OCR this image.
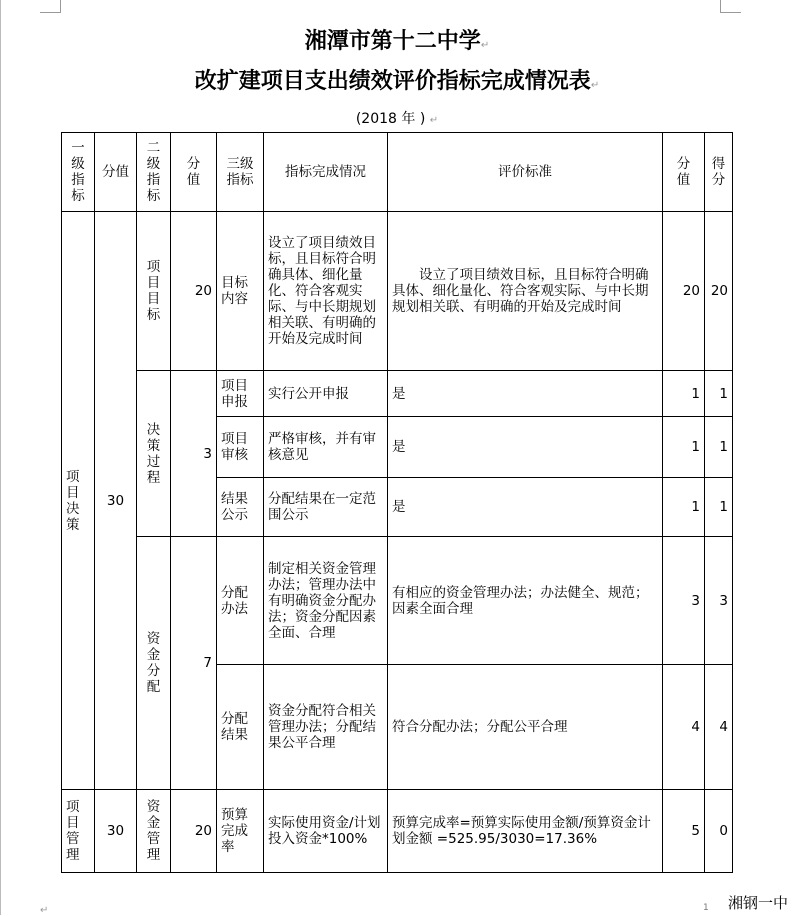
湘潭市第十二中学↵
改扩建项目支出绩效评价指标完成情况表↵
(2018 年 ) ↵
一级指标	分值	二级指标	分值	三级指标	指标完成情况	评价标准	分值	得分
项目决策	30	项目目标	20	目标内容	设立了项目绩效目标，且目标符合明确具体、细化量化、符合客观实际、与中长期规划相关联、有明确的开始及完成时间	设立了项目绩效目标，且目标符合明确具体、细化量化、符合客观实际、与中长期规划相关联、有明确的开始及完成时间	20	20
		决策过程	3	项目申报	实行公开申报	是	1	1
				项目审核	严格审核，并有审核意见	是	1	1
				结果公示	分配结果在一定范围公示	是	1	1
		资金分配	7	分配办法	制定相关资金管理办法；管理办法中有明确资金分配办法；资金分配因素全面、合理	有相应的资金管理办法；办法健全、规范；因素全面合理	3	3
				分配结果	资金分配符合相关管理办法；分配结果公平合理	符合分配办法；分配公平合理	4	4
项目管理	30	资金管理	20	预算完成率	实际使用资金/计划投入资金*100%	预算完成率=预算实际使用金额/预算资金计划金额 =525.95/3030=17.36%	5	0
↵	1 湘钢一中
